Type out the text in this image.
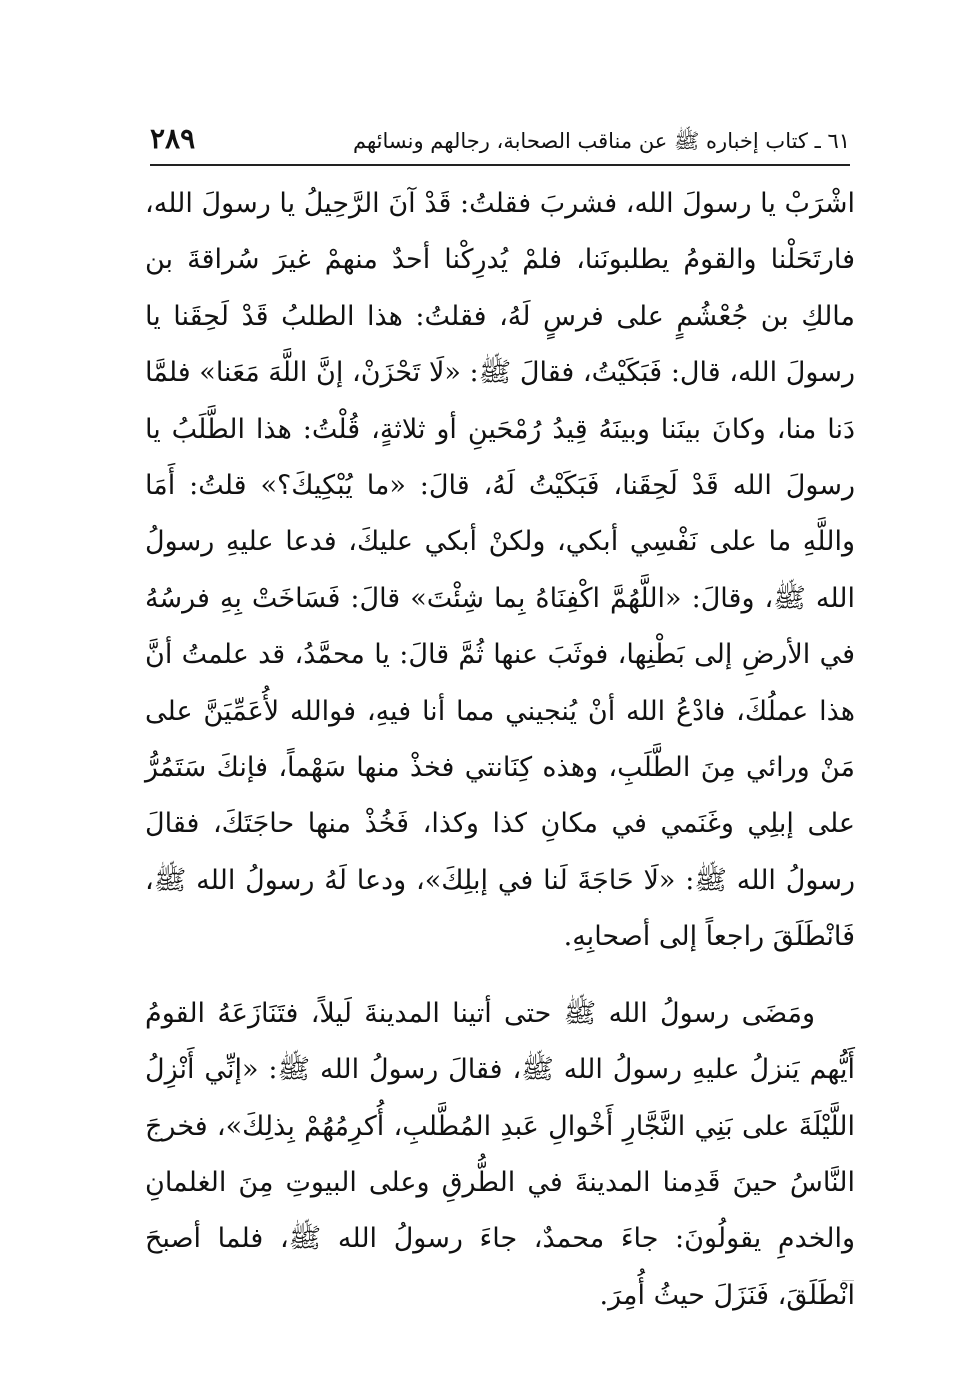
٦١ ـ كتاب إخباره ﷺ عن مناقب الصحابة، رجالهم ونسائهم
٢٨٩

اشْرَبْ يا رسولَ الله، فشربَ فقلتُ: قَدْ آنَ الرَّحِيلُ يا رسولَ الله، فارتَحَلْنا والقومُ يطلبونَنا، فلمْ يُدرِكْنا أحدٌ منهمْ غيرَ سُراقةَ بن مالكِ بن جُعْشُمٍ على فرسٍ لَهُ، فقلتُ: هذا الطلبُ قَدْ لَحِقَنا يا رسولَ الله، قال: فَبَكَيْتُ، فقالَ ﷺ: «لَا تَحْزَنْ، إنَّ اللَّهَ مَعَنا» فلمَّا دَنا منا، وكانَ بينَنا وبينَهُ قِيدُ رُمْحَينِ أو ثلاثةٍ، قُلْتُ: هذا الطَّلَبُ يا رسولَ الله قَدْ لَحِقَنا، فَبَكَيْتُ لَهُ، قالَ: «ما يُبْكِيكَ؟» قلتُ: أَمَا واللَّهِ ما على نَفْسِي أبكي، ولكنْ أبكي عليكَ، فدعا عليهِ رسولُ الله ﷺ، وقالَ: «اللَّهُمَّ اكْفِنَاهُ بِما شِئْتَ» قالَ: فَسَاخَتْ بِهِ فرسُهُ في الأرضِ إلى بَطْنِها، فوثَبَ عنها ثُمَّ قالَ: يا محمَّدُ، قد علمتُ أنَّ هذا عملُكَ، فادْعُ الله أنْ يُنجيني مما أنا فيهِ، فوالله لأُعَمِّيَنَّ على مَنْ ورائي مِنَ الطَّلَبِ، وهذه كِنَانتي فخذْ منها سَهْماً، فإنكَ سَتَمُرُّ على إبلِي وغَنَمي في مكانِ كذا وكذا، فَخُذْ منها حاجَتَكَ، فقالَ رسولُ الله ﷺ: «لَا حَاجَةَ لَنا في إبلِكَ»، ودعا لَهُ رسولُ الله ﷺ، فَانْطَلَقَ راجعاً إلى أصحابِهِ.

ومَضَى رسولُ الله ﷺ حتى أتينا المدينةَ لَيلاً، فتَنَازَعَهُ القومُ أَيُّهم يَنزلُ عليهِ رسولُ الله ﷺ، فقالَ رسولُ الله ﷺ: «إنِّي أَنْزِلُ اللَّيْلَةَ على بَنِي النَّجَّارِ أَخْوالِ عَبدِ المُطَّلبِ، أُكرِمُهُمْ بِذلِكَ»، فخرجَ النَّاسُ حينَ قَدِمنا المدينةَ في الطُّرقِ وعلى البيوتِ مِنَ الغلمانِ والخدمِ يقولُونَ: جاءَ محمدٌ، جاءَ رسولُ الله ﷺ، فلما أصبحَ انْطَلَقَ، فَنَزَلَ حيثُ أُمِرَ.
